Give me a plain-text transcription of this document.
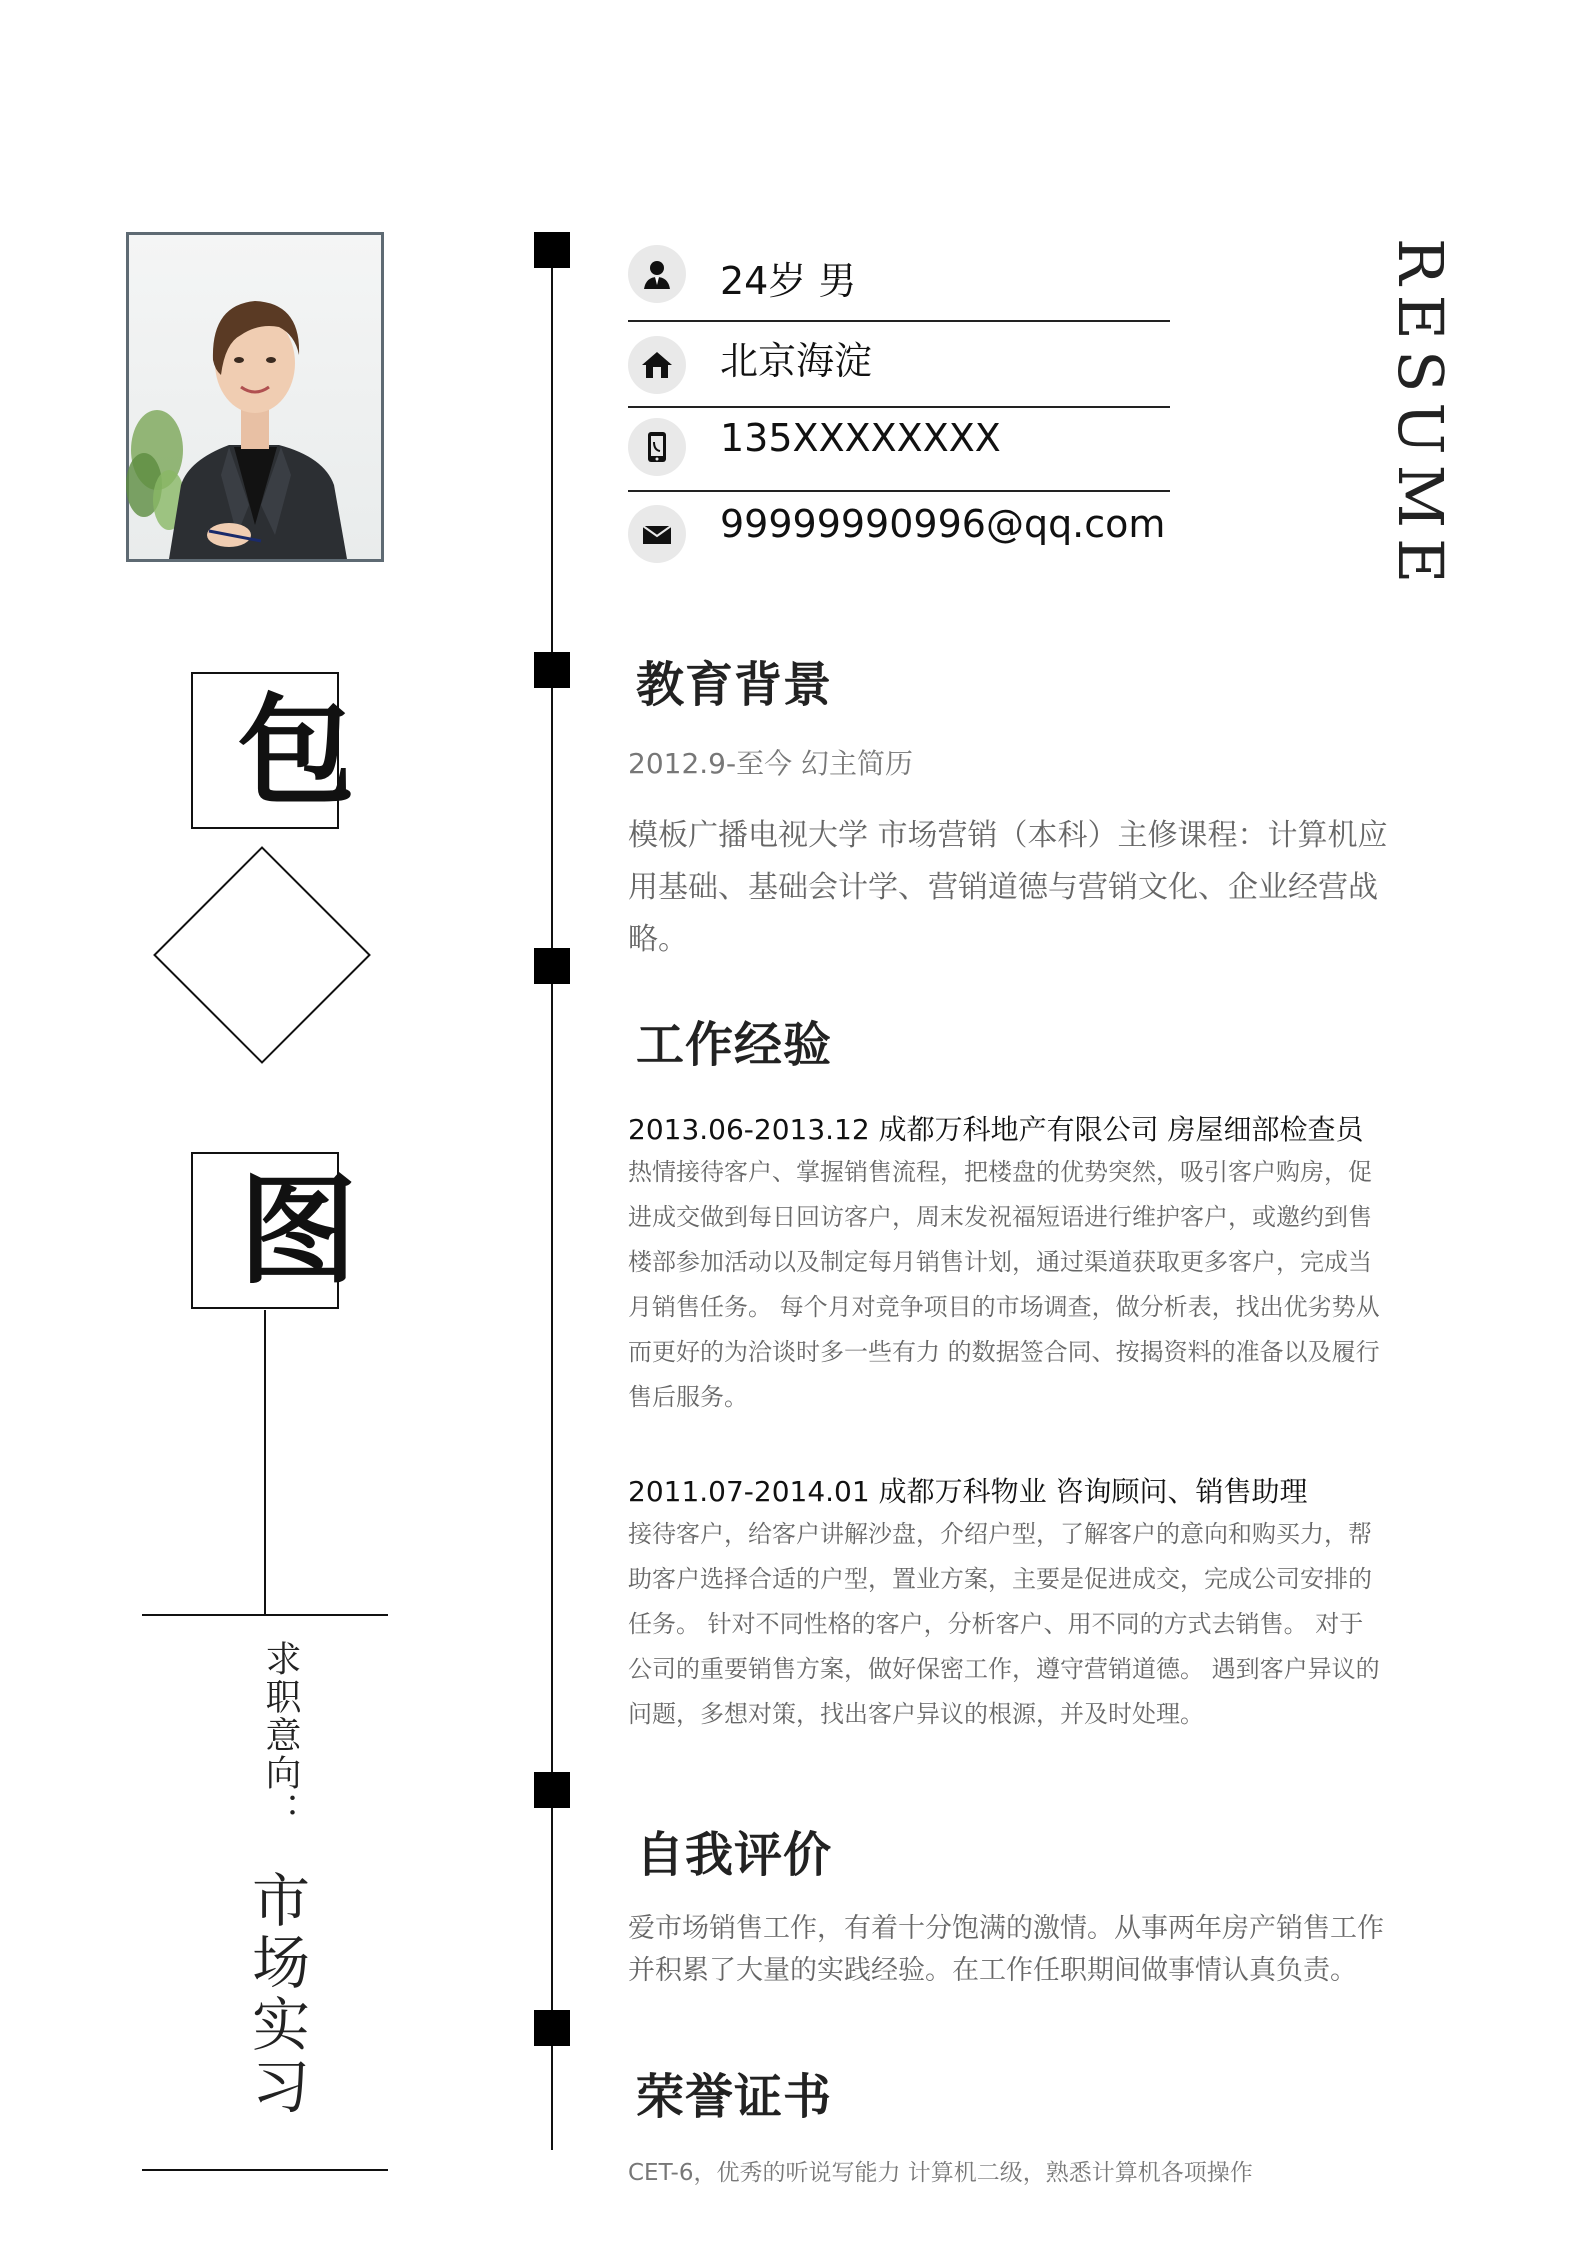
RESUME
包
图
求职意向：
市场实习
24岁 男
北京海淀
135XXXXXXXX
99999990996@qq.com
教育背景
2012.9-至今 幻主简历
模板广播电视大学 市场营销（本科）主修课程：计算机应用基础、基础会计学、营销道德与营销文化、企业经营战略。
工作经验
2013.06-2013.12 成都万科地产有限公司 房屋细部检查员
热情接待客户、掌握销售流程，把楼盘的优势突然，吸引客户购房，促进成交做到每日回访客户，周末发祝福短语进行维护客户，或邀约到售楼部参加活动以及制定每月销售计划，通过渠道获取更多客户，完成当月销售任务。 每个月对竞争项目的市场调查，做分析表，找出优劣势从而更好的为洽谈时多一些有力 的数据签合同、按揭资料的准备以及履行售后服务。
2011.07-2014.01 成都万科物业 咨询顾问、销售助理
接待客户，给客户讲解沙盘，介绍户型，了解客户的意向和购买力，帮助客户选择合适的户型，置业方案，主要是促进成交，完成公司安排的任务。 针对不同性格的客户，分析客户、用不同的方式去销售。 对于公司的重要销售方案，做好保密工作，遵守营销道德。 遇到客户异议的问题，多想对策，找出客户异议的根源，并及时处理。
自我评价
爱市场销售工作，有着十分饱满的激情。从事两年房产销售工作并积累了大量的实践经验。在工作任职期间做事情认真负责。
荣誉证书
CET-6，优秀的听说写能力 计算机二级，熟悉计算机各项操作
